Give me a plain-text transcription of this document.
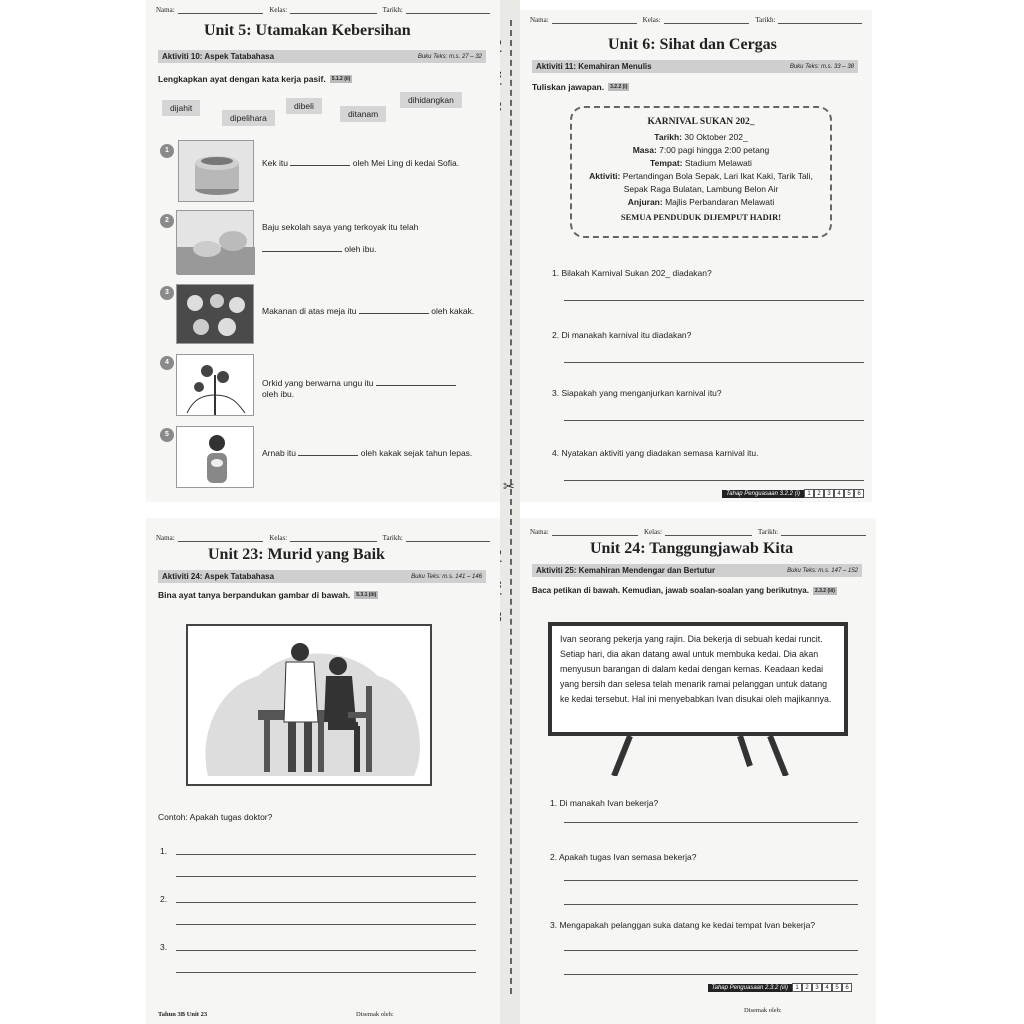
✂
Nama:	Kelas:	Tarikh:
Unit 5: Utamakan Kebersihan
Aktiviti 10: Aspek Tatabahasa	Buku Teks: m.s. 27 – 32
Lengkapkan ayat dengan kata kerja pasif.	5.1.2 (ii)
dijahit
dipelihara
dibeli
ditanam
dihidangkan
1
Kek itu	oleh Mei Ling di kedai Sofia.
2
Baju sekolah saya yang terkoyak itu telah

oleh ibu.
3
Makanan di atas meja itu	oleh kakak.
4
Orkid yang berwarna ungu itu
oleh ibu.
5
Arnab itu	oleh kakak sejak tahun lepas.
Nama:	Kelas:	Tarikh:
Unit 6: Sihat dan Cergas
Aktiviti 11: Kemahiran Menulis	Buku Teks: m.s. 33 – 38
Tuliskan jawapan.	3.2.2 (i)
KARNIVAL SUKAN 202_
Tarikh: 30 Oktober 202_
Masa: 7:00 pagi hingga 2:00 petang
Tempat: Stadium Melawati
Aktiviti: Pertandingan Bola Sepak, Lari Ikat Kaki, Tarik Tali, Sepak Raga Bulatan, Lambung Belon Air
Anjuran: Majlis Perbandaran Melawati
SEMUA PENDUDUK DIJEMPUT HADIR!
1. Bilakah Karnival Sukan 202_ diadakan?
2. Di manakah karnival itu diadakan?
3. Siapakah yang menganjurkan karnival itu?
4. Nyatakan aktiviti yang diadakan semasa karnival itu.
Tahap Penguasaan 3.2.2 (i)	1	2	3	4	5	6
Nama:	Kelas:	Tarikh:
Unit 23: Murid yang Baik
Aktiviti 24: Aspek Tatabahasa	Buku Teks: m.s. 141 – 146
Bina ayat tanya berpandukan gambar di bawah.	5.3.1 (iii)
Contoh: Apakah tugas doktor?
1.
2.
3.
Tahun 3B Unit 23	Disemak oleh:
Nama:	Kelas:	Tarikh:
Unit 24: Tanggungjawab Kita
Aktiviti 25: Kemahiran Mendengar dan Bertutur	Buku Teks: m.s. 147 – 152
Baca petikan di bawah. Kemudian, jawab soalan-soalan yang berikutnya.	2.3.2 (iii)
Ivan seorang pekerja yang rajin. Dia bekerja di sebuah kedai runcit. Setiap hari, dia akan datang awal untuk membuka kedai. Dia akan menyusun barangan di dalam kedai dengan kemas. Keadaan kedai yang bersih dan selesa telah menarik ramai pelanggan untuk datang ke kedai tersebut. Hal ini menyebabkan Ivan disukai oleh majikannya.
1. Di manakah Ivan bekerja?
2. Apakah tugas Ivan semasa bekerja?
3. Mengapakah pelanggan suka datang ke kedai tempat Ivan bekerja?
Tahap Penguasaan 2.3.2 (iii)	1	2	3	4	5	6
Disemak oleh:
